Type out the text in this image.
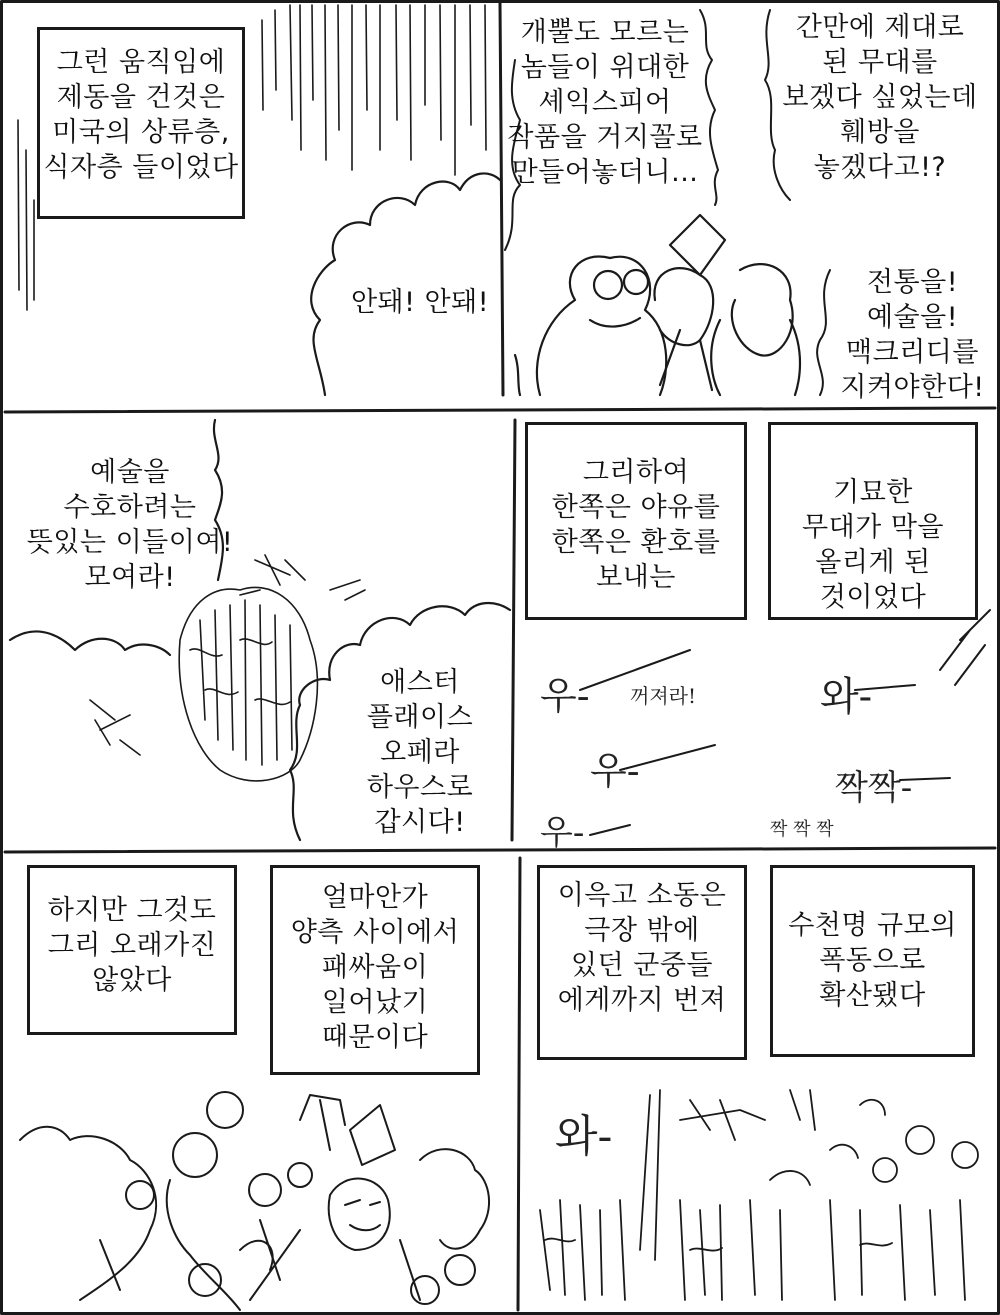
그런 움직임에
제동을 건것은
미국의 상류층,
식자층 들이었다
안돼! 안돼!
개뿔도 모르는
놈들이 위대한
셰익스피어
작품을 거지꼴로
만들어놓더니...
간만에 제대로
된 무대를
보겠다 싶었는데
훼방을
놓겠다고!?
전통을!
예술을!
맥크리디를
지켜야한다!
예술을
수호하려는
뜻있는 이들이여!
모여라!
애스터
플래이스
오페라
하우스로
갑시다!
그리하여
한쪽은 야유를
한쪽은 환호를
보내는
기묘한
무대가 막을
올리게 된
것이었다
우-
우-
우-
꺼져라!	와-
짝짝-
짝 짝 짝
하지만 그것도
그리 오래가진
않았다
얼마안가
양측 사이에서
패싸움이
일어났기
때문이다
이윽고 소동은
극장 밖에
있던 군중들
에게까지 번져
수천명 규모의
폭동으로
확산됐다
와-
